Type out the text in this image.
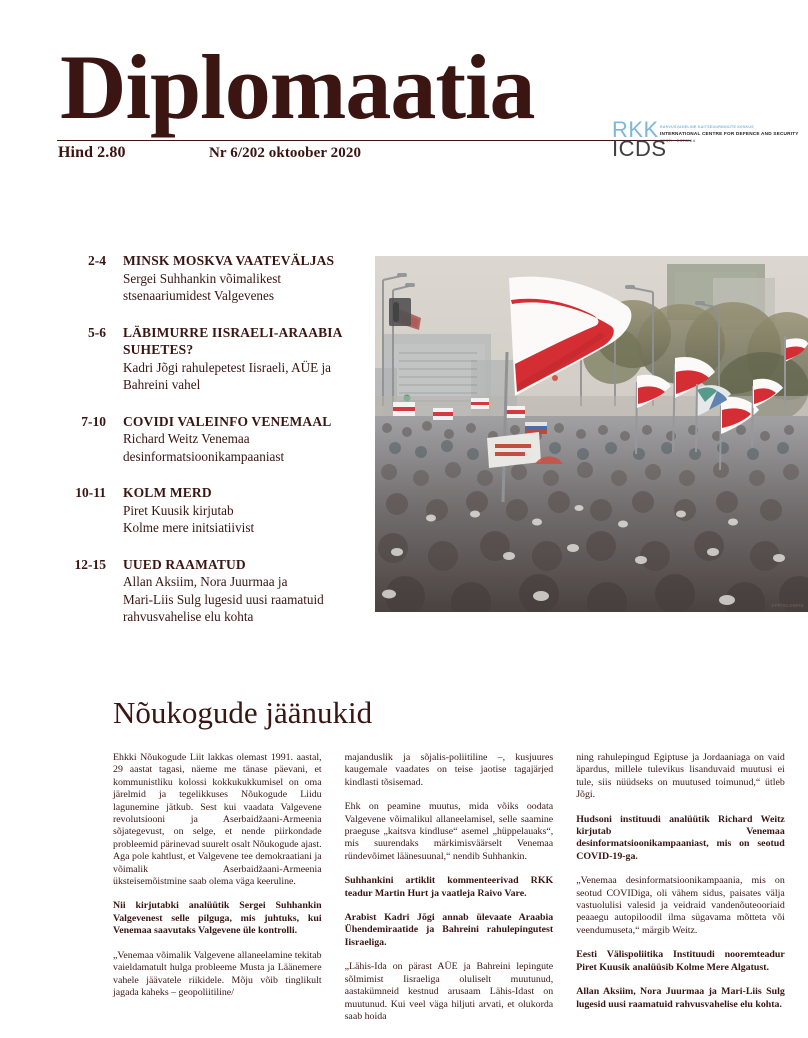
Diplomaatia
Hind 2.80	Nr 6/202 oktoober 2020
RKK
ICDS
RAHVUSVAHELINE KAITSEUURINGUTE KESKUS
INTERNATIONAL CENTRE FOR DEFENCE AND SECURITY
EESTI · ESTONIA
2-4 MINSK MOSKVA VAATEVÄLJAS
Sergei Suhhankin võimalikest
stsenaariumidest Valgevenes
5-6 LÄBIMURRE IISRAELI-ARAABIA SUHETES?
Kadri Jõgi rahulepetest Iisraeli, AÜE ja
Bahreini vahel
7-10 COVIDI VALEINFO VENEMAAL
Richard Weitz Venemaa
desinformatsioonikampaaniast
10-11 KOLM MERD
Piret Kuusik kirjutab
Kolme mere initsiatiivist
12-15 UUED RAAMATUD
Allan Aksiim, Nora Juurmaa ja
Mari-Liis Sulg lugesid uusi raamatuid
rahvusvahelise elu kohta
AFP/SCANPIX
Nõukogude jäänukid

Ehkki Nõukogude Liit lakkas olemast 1991. aastal, 29 aastat tagasi, näeme me tänase päevani, et kommunistliku kolossi kokkukukkumisel on oma järelmid ja tegelikkuses Nõukogude Liidu lagunemine jätkub. Sest kui vaadata Valgevene revolutsiooni ja Aserbaidžaani-Armeenia sõjategevust, on selge, et nende piirkondade probleemid pärinevad suurelt osalt Nõukogude ajast. Aga pole kahtlust, et Valgevene tee demokraatiani ja võimalik Aserbaidžaani-Armeenia üksteisemõistmine saab olema väga keeruline.

Nii kirjutabki analüütik Sergei Suhhankin Valgevenest selle pilguga, mis juhtuks, kui Venemaa saavutaks Valgevene üle kontrolli.

„Venemaa võimalik Valgevene allaneelamine tekitab vaieldamatult hulga probleeme Musta ja Läänemere vahele jäävatele riikidele. Mõju võib tinglikult jagada kaheks – geopoliitiline/

majanduslik ja sõjalis-poliitiline –, kusjuures kaugemale vaadates on teise jaotise tagajärjed kindlasti tõsisemad.

Ehk on peamine muutus, mida võiks oodata Valgevene võimalikul allaneelamisel, selle saamine praeguse „kaitsva kindluse“ asemel „hüppelauaks“, mis suurendaks märkimisväärselt Venemaa ründevõimet läänesuunal,“ nendib Suhhankin.

Suhhankini artiklit kommenteerivad RKK teadur Martin Hurt ja vaatleja Raivo Vare.

Arabist Kadri Jõgi annab ülevaate Araabia Ühendemiraatide ja Bahreini rahulepingutest Iisraeliga.

„Lähis-Ida on pärast AÜE ja Bahreini lepingute sõlmimist Iisraeliga oluliselt muutunud, aastakümneid kestnud arusaam Lähis-Idast on muutunud. Kui veel väga hiljuti arvati, et olukorda saab hoida

ning rahulepingud Egiptuse ja Jordaaniaga on vaid äpardus, millele tulevikus lisanduvaid muutusi ei tule, siis nüüdseks on muutused toimunud,“ ütleb Jõgi.

Hudsoni instituudi analüütik Richard Weitz kirjutab Venemaa desinformatsioonikampaaniast, mis on seotud COVID-19-ga.

„Venemaa desinformatsioonikampaania, mis on seotud COVIDiga, oli vähem sidus, paisates välja vastuolulisi valesid ja veidraid vandenõuteooriaid peaaegu autopiloodil ilma sügavama mõtteta või veendumuseta,“ märgib Weitz.

Eesti Välispoliitika Instituudi nooremteadur Piret Kuusik analüüsib Kolme Mere Algatust.

Allan Aksiim, Nora Juurmaa ja Mari-Liis Sulg lugesid uusi raamatuid rahvusvahelise elu kohta.
